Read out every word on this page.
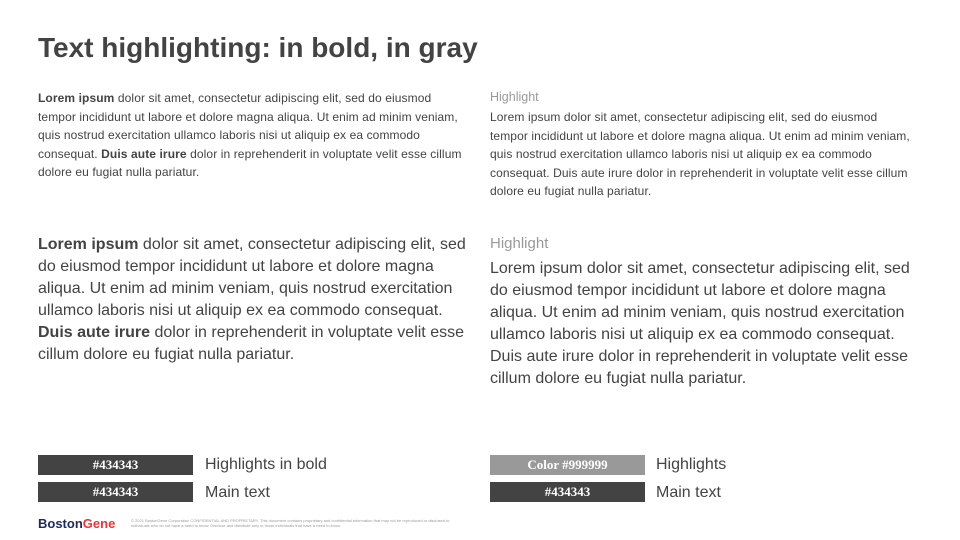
Text highlighting: in bold, in gray
Lorem ipsum dolor sit amet, consectetur adipiscing elit, sed do eiusmod tempor incididunt ut labore et dolore magna aliqua. Ut enim ad minim veniam, quis nostrud exercitation ullamco laboris nisi ut aliquip ex ea commodo consequat. Duis aute irure dolor in reprehenderit in voluptate velit esse cillum dolore eu fugiat nulla pariatur.
Highlight
Lorem ipsum dolor sit amet, consectetur adipiscing elit, sed do eiusmod tempor incididunt ut labore et dolore magna aliqua. Ut enim ad minim veniam, quis nostrud exercitation ullamco laboris nisi ut aliquip ex ea commodo consequat. Duis aute irure dolor in reprehenderit in voluptate velit esse cillum dolore eu fugiat nulla pariatur.
Lorem ipsum dolor sit amet, consectetur adipiscing elit, sed do eiusmod tempor incididunt ut labore et dolore magna aliqua. Ut enim ad minim veniam, quis nostrud exercitation ullamco laboris nisi ut aliquip ex ea commodo consequat. Duis aute irure dolor in reprehenderit in voluptate velit esse cillum dolore eu fugiat nulla pariatur.
Highlight
Lorem ipsum dolor sit amet, consectetur adipiscing elit, sed do eiusmod tempor incididunt ut labore et dolore magna aliqua. Ut enim ad minim veniam, quis nostrud exercitation ullamco laboris nisi ut aliquip ex ea commodo consequat. Duis aute irure dolor in reprehenderit in voluptate velit esse cillum dolore eu fugiat nulla pariatur.
#434343	Highlights in bold
#434343	Main text
Color #999999	Highlights
#434343	Main text
BostonGene	© 2021 BostonGene Corporation CONFIDENTIAL AND PROPRIETARY. This document contains proprietary and confidential information that may not be reproduced or disclosed to individuals who do not have a need to know. Disclose and distribute only to those individuals that have a need to know.
